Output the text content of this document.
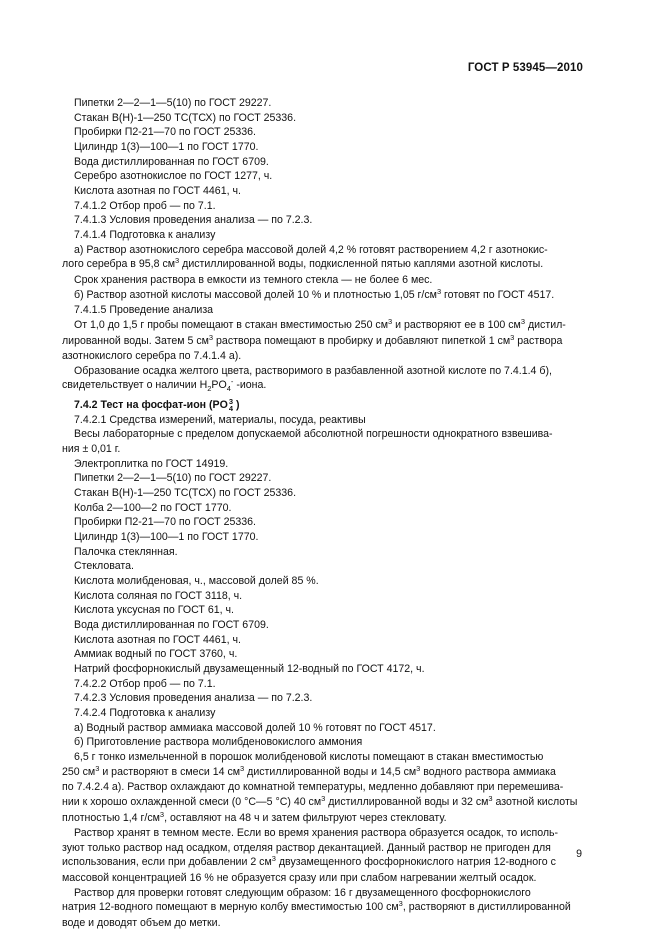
ГОСТ Р 53945—2010
Пипетки 2—2—1—5(10) по ГОСТ 29227.
Стакан В(Н)-1—250 ТС(ТСХ) по ГОСТ 25336.
Пробирки П2-21—70 по ГОСТ 25336.
Цилиндр 1(3)—100—1 по ГОСТ 1770.
Вода дистиллированная по ГОСТ 6709.
Серебро азотнокислое по ГОСТ 1277, ч.
Кислота азотная по ГОСТ 4461, ч.
7.4.1.2 Отбор проб — по 7.1.
7.4.1.3 Условия проведения анализа — по 7.2.3.
7.4.1.4 Подготовка к анализу
а) Раствор азотнокислого серебра массовой долей 4,2 % готовят растворением 4,2 г азотнокис-
лого серебра в 95,8 $см^3$ дистиллированной воды, подкисленной пятью каплями азотной кислоты.
Срок хранения раствора в емкости из темного стекла — не более 6 мес.
б) Раствор азотной кислоты массовой долей 10 % и плотностью 1,05 $г/см^3$ готовят по ГОСТ 4517.
7.4.1.5 Проведение анализа
От 1,0 до 1,5 г пробы помещают в стакан вместимостью 250 $см^3$ и растворяют ее в 100 $см^3$ дистил-
лированной воды. Затем 5 $см^3$ раствора помещают в пробирку и добавляют пипеткой 1 $см^3$ раствора
азотнокислого серебра по 7.4.1.4 а).
Образование осадка желтого цвета, растворимого в разбавленной азотной кислоте по 7.4.1.4 б),
свидетельствует о наличии $H_2PO_4^-$ -иона.
7.4.2 Тест на фосфат-ион (PO 3
4 )
7.4.2.1 Средства измерений, материалы, посуда, реактивы
Весы лабораторные с пределом допускаемой абсолютной погрешности однократного взвешива-
ния ± 0,01 г.
Электроплитка по ГОСТ 14919.
Пипетки 2—2—1—5(10) по ГОСТ 29227.
Стакан В(Н)-1—250 ТС(ТСХ) по ГОСТ 25336.
Колба 2—100—2 по ГОСТ 1770.
Пробирки П2-21—70 по ГОСТ 25336.
Цилиндр 1(3)—100—1 по ГОСТ 1770.
Палочка стеклянная.
Стекловата.
Кислота молибденовая, ч., массовой долей 85 %.
Кислота соляная по ГОСТ 3118, ч.
Кислота уксусная по ГОСТ 61, ч.
Вода дистиллированная по ГОСТ 6709.
Кислота азотная по ГОСТ 4461, ч.
Аммиак водный по ГОСТ 3760, ч.
Натрий фосфорнокислый двузамещенный 12-водный по ГОСТ 4172, ч.
7.4.2.2 Отбор проб — по 7.1.
7.4.2.3 Условия проведения анализа — по 7.2.3.
7.4.2.4 Подготовка к анализу
а) Водный раствор аммиака массовой долей 10 % готовят по ГОСТ 4517.
б) Приготовление раствора молибденовокислого аммония
6,5 г тонко измельченной в порошок молибденовой кислоты помещают в стакан вместимостью
250 $см^3$ и растворяют в смеси 14 $см^3$ дистиллированной воды и 14,5 $см^3$ водного раствора аммиака
по 7.4.2.4 а). Раствор охлаждают до комнатной температуры, медленно добавляют при перемешива-
нии к хорошо охлажденной смеси (0 °С—5 °С) 40 $см^3$ дистиллированной воды и 32 $см^3$ азотной кислоты
плотностью 1,4 $г/см^3$, оставляют на 48 ч и затем фильтруют через стекловату.
Раствор хранят в темном месте. Если во время хранения раствора образуется осадок, то исполь-
зуют только раствор над осадком, отделяя раствор декантацией. Данный раствор не пригоден для
использования, если при добавлении 2 $см^3$ двузамещенного фосфорнокислого натрия 12-водного с
массовой концентрацией 16 % не образуется сразу или при слабом нагревании желтый осадок.
Раствор для проверки готовят следующим образом: 16 г двузамещенного фосфорнокислого
натрия 12-водного помещают в мерную колбу вместимостью 100 $см^3$, растворяют в дистиллированной
воде и доводят объем до метки.
9
